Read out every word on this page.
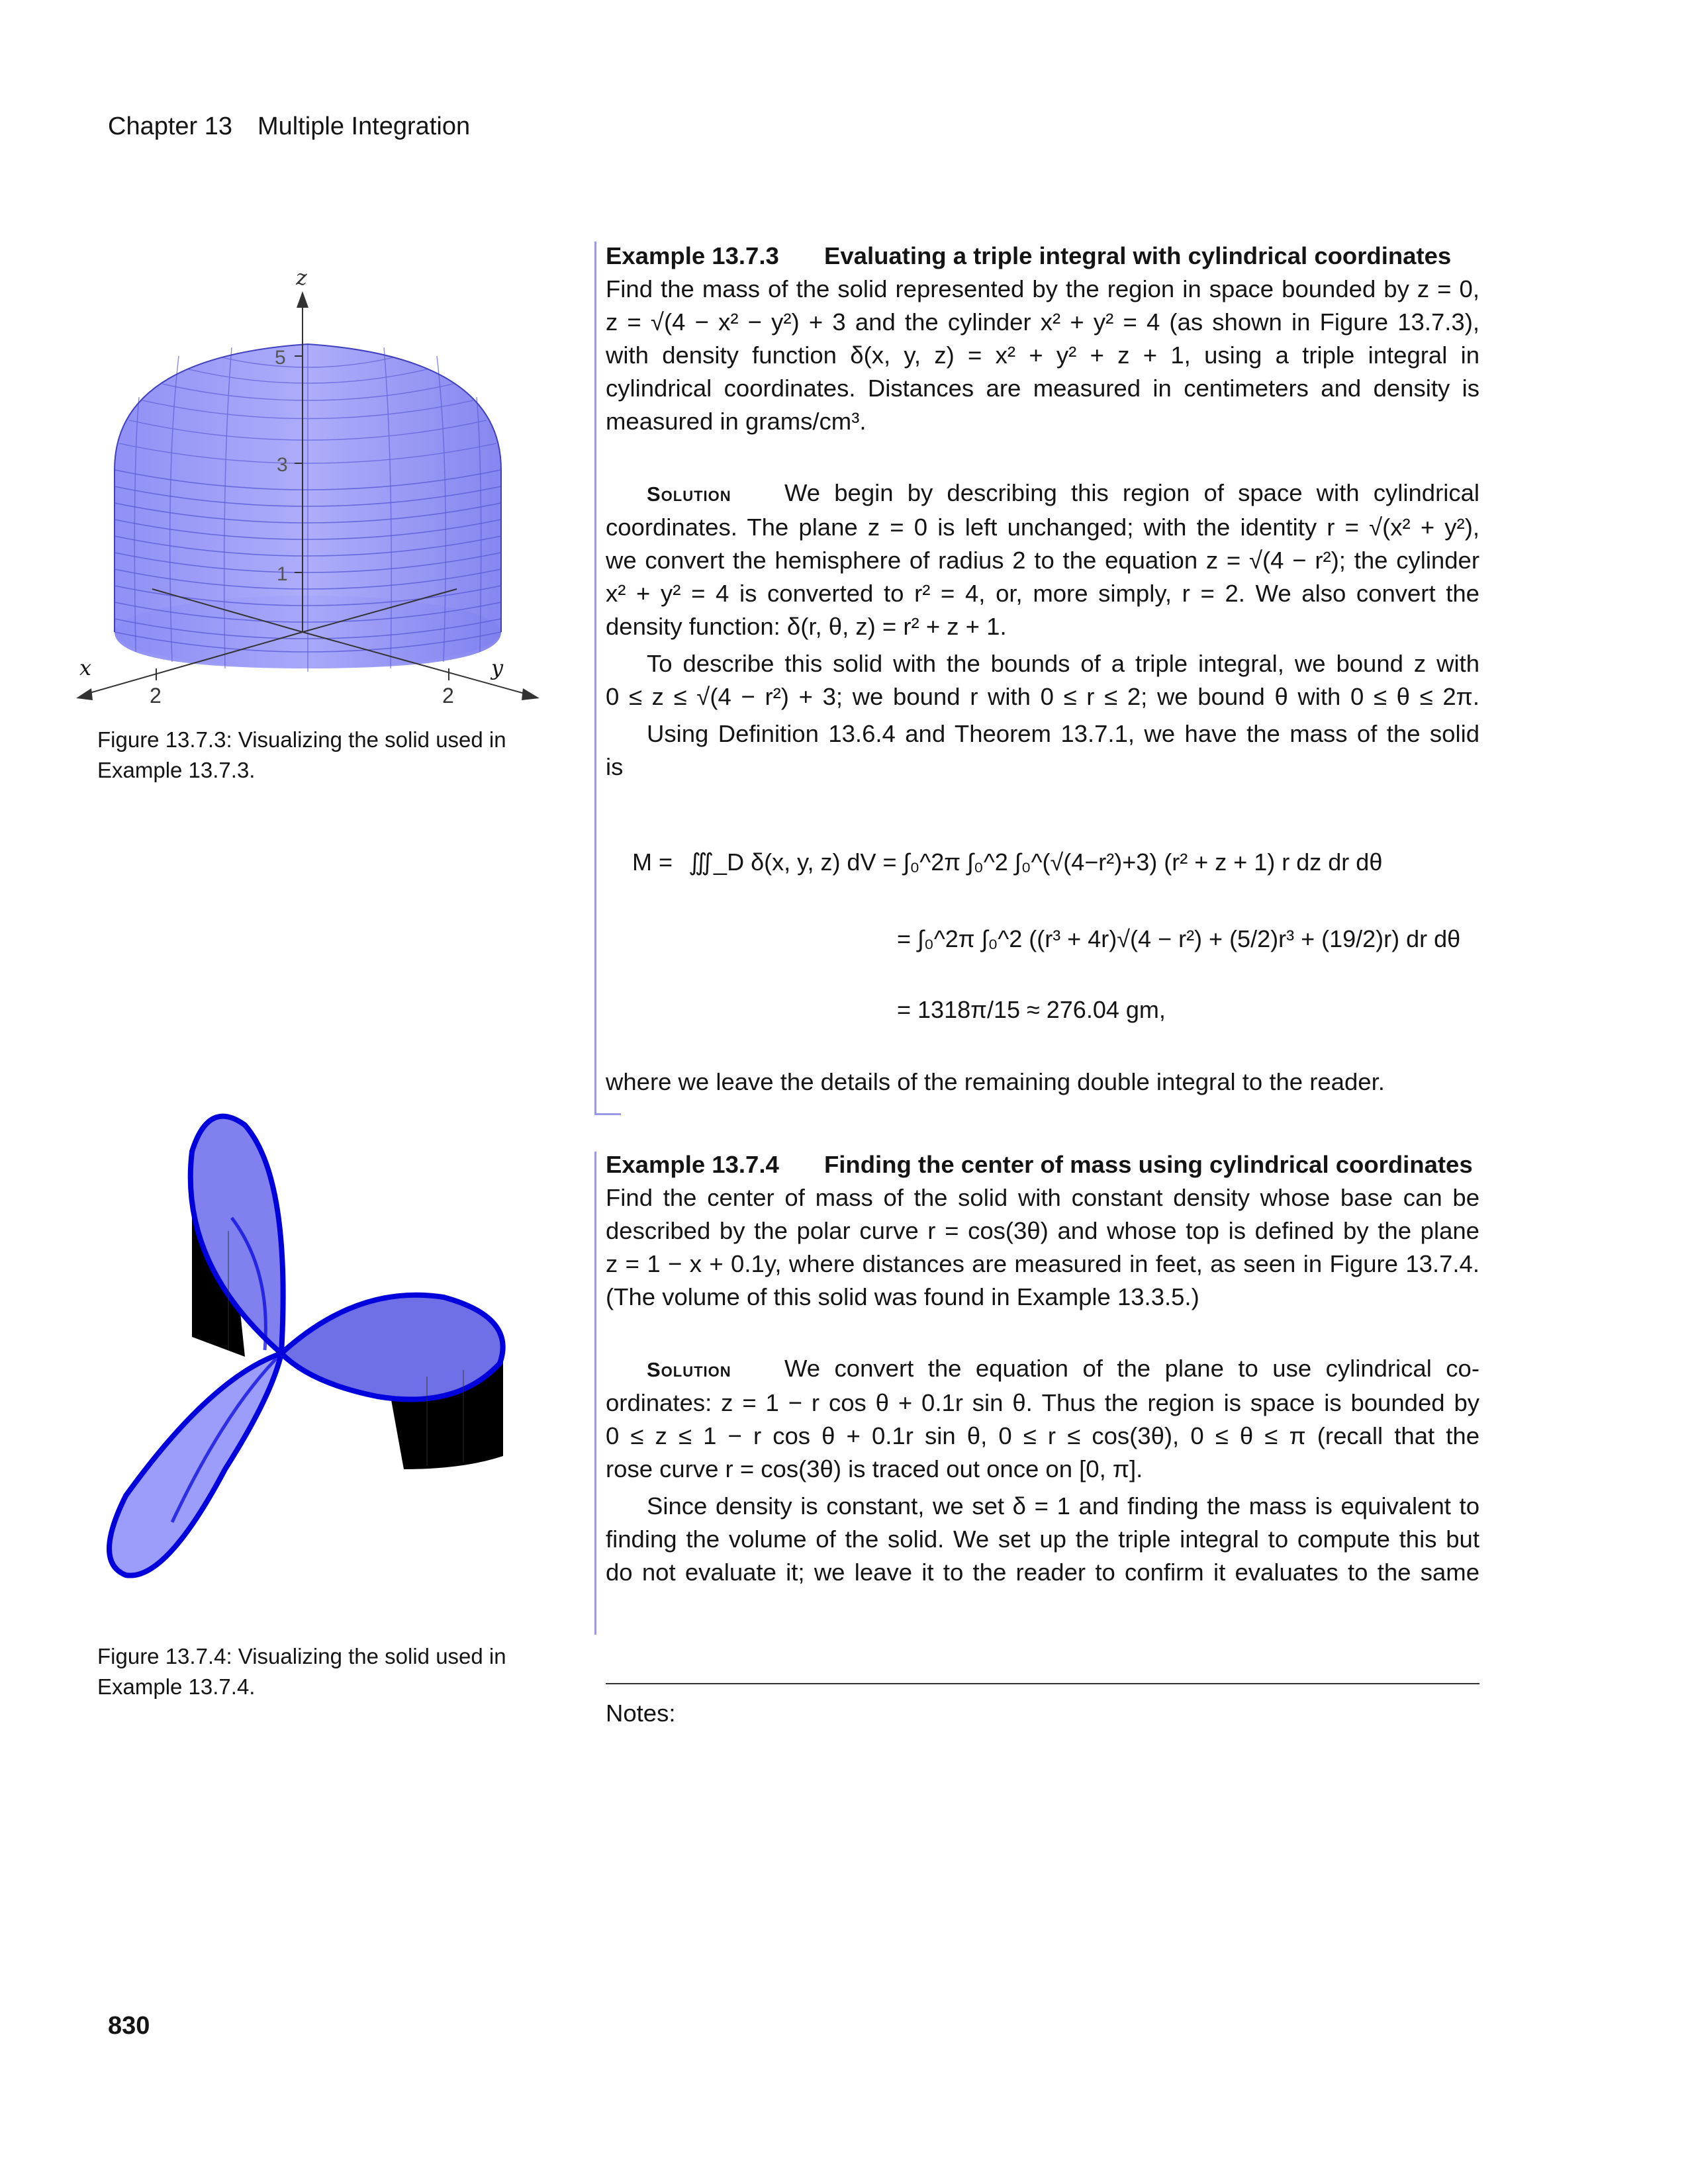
Chapter 13 Multiple Integration
z
5
3
1
2	2
x	y
Figure 13.7.3: Visualizing the solid used in
Example 13.7.3.
Figure 13.7.4: Visualizing the solid used in
Example 13.7.4.
Example 13.7.3 Evaluating a triple integral with cylindrical coordinates
Find the mass of the solid represented by the region in space bounded by z = 0,
z = √(4 − x² − y²) + 3 and the cylinder x² + y² = 4 (as shown in Figure 13.7.3),
with density function δ(x, y, z) = x² + y² + z + 1, using a triple integral in
cylindrical coordinates. Distances are measured in centimeters and density is
measured in grams/cm³.
Solution We begin by describing this region of space with cylindrical
coordinates. The plane z = 0 is left unchanged; with the identity r = √(x² + y²),
we convert the hemisphere of radius 2 to the equation z = √(4 − r²); the cylinder
x² + y² = 4 is converted to r² = 4, or, more simply, r = 2. We also convert the
density function: δ(r, θ, z) = r² + z + 1.
To describe this solid with the bounds of a triple integral, we bound z with
0 ≤ z ≤ √(4 − r²) + 3; we bound r with 0 ≤ r ≤ 2; we bound θ with 0 ≤ θ ≤ 2π.
Using Definition 13.6.4 and Theorem 13.7.1, we have the mass of the solid
is
M = ∭_D δ(x, y, z) dV = ∫₀^2π ∫₀^2 ∫₀^(√(4−r²)+3) (r² + z + 1) r dz dr dθ
= ∫₀^2π ∫₀^2 ((r³ + 4r)√(4 − r²) + (5/2)r³ + (19/2)r) dr dθ
= 1318π/15 ≈ 276.04 gm,
where we leave the details of the remaining double integral to the reader.
Example 13.7.4 Finding the center of mass using cylindrical coordinates
Find the center of mass of the solid with constant density whose base can be
described by the polar curve r = cos(3θ) and whose top is defined by the plane
z = 1 − x + 0.1y, where distances are measured in feet, as seen in Figure 13.7.4.
(The volume of this solid was found in Example 13.3.5.)
Solution We convert the equation of the plane to use cylindrical co-
ordinates: z = 1 − r cos θ + 0.1r sin θ. Thus the region is space is bounded by
0 ≤ z ≤ 1 − r cos θ + 0.1r sin θ, 0 ≤ r ≤ cos(3θ), 0 ≤ θ ≤ π (recall that the
rose curve r = cos(3θ) is traced out once on [0, π].
Since density is constant, we set δ = 1 and finding the mass is equivalent to
finding the volume of the solid. We set up the triple integral to compute this but
do not evaluate it; we leave it to the reader to confirm it evaluates to the same
Notes:
830
